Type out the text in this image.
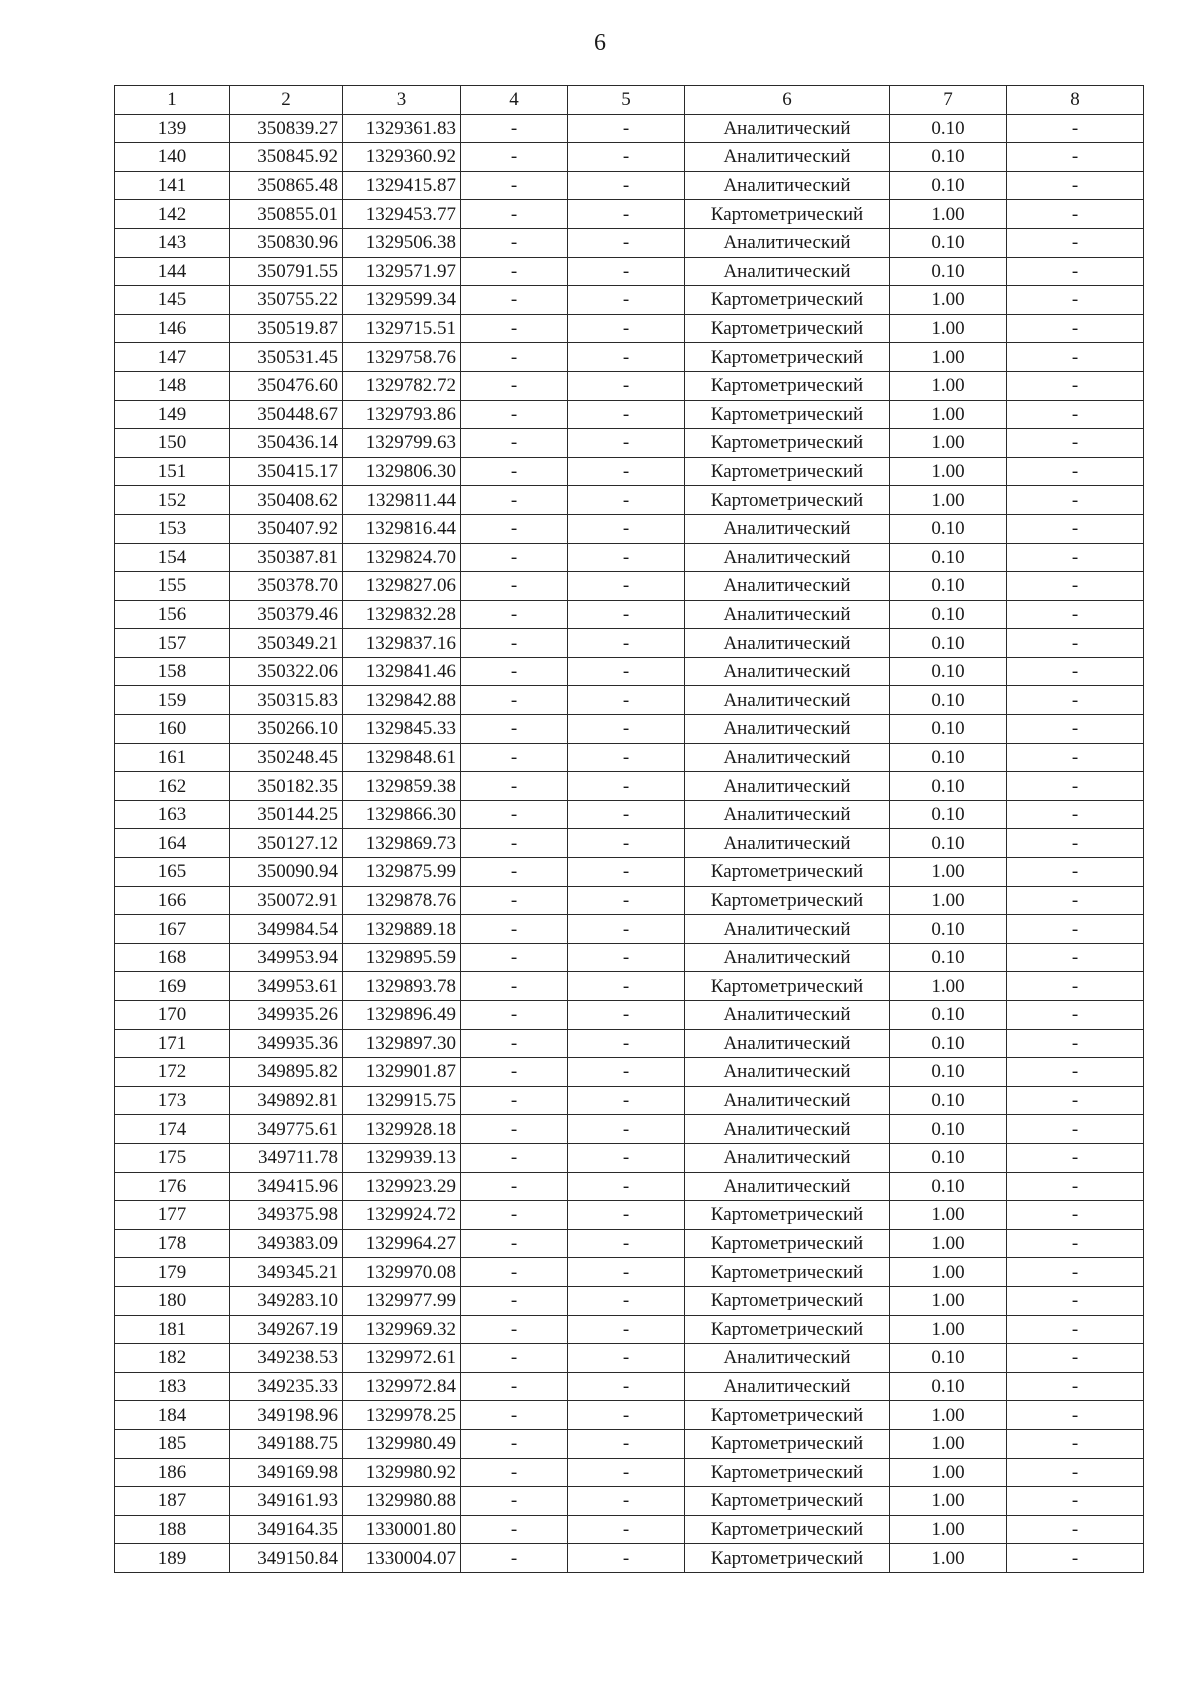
6
1	2	3	4	5	6	7	8
139	350839.27	1329361.83	-	-	Аналитический	0.10	-
140	350845.92	1329360.92	-	-	Аналитический	0.10	-
141	350865.48	1329415.87	-	-	Аналитический	0.10	-
142	350855.01	1329453.77	-	-	Картометрический	1.00	-
143	350830.96	1329506.38	-	-	Аналитический	0.10	-
144	350791.55	1329571.97	-	-	Аналитический	0.10	-
145	350755.22	1329599.34	-	-	Картометрический	1.00	-
146	350519.87	1329715.51	-	-	Картометрический	1.00	-
147	350531.45	1329758.76	-	-	Картометрический	1.00	-
148	350476.60	1329782.72	-	-	Картометрический	1.00	-
149	350448.67	1329793.86	-	-	Картометрический	1.00	-
150	350436.14	1329799.63	-	-	Картометрический	1.00	-
151	350415.17	1329806.30	-	-	Картометрический	1.00	-
152	350408.62	1329811.44	-	-	Картометрический	1.00	-
153	350407.92	1329816.44	-	-	Аналитический	0.10	-
154	350387.81	1329824.70	-	-	Аналитический	0.10	-
155	350378.70	1329827.06	-	-	Аналитический	0.10	-
156	350379.46	1329832.28	-	-	Аналитический	0.10	-
157	350349.21	1329837.16	-	-	Аналитический	0.10	-
158	350322.06	1329841.46	-	-	Аналитический	0.10	-
159	350315.83	1329842.88	-	-	Аналитический	0.10	-
160	350266.10	1329845.33	-	-	Аналитический	0.10	-
161	350248.45	1329848.61	-	-	Аналитический	0.10	-
162	350182.35	1329859.38	-	-	Аналитический	0.10	-
163	350144.25	1329866.30	-	-	Аналитический	0.10	-
164	350127.12	1329869.73	-	-	Аналитический	0.10	-
165	350090.94	1329875.99	-	-	Картометрический	1.00	-
166	350072.91	1329878.76	-	-	Картометрический	1.00	-
167	349984.54	1329889.18	-	-	Аналитический	0.10	-
168	349953.94	1329895.59	-	-	Аналитический	0.10	-
169	349953.61	1329893.78	-	-	Картометрический	1.00	-
170	349935.26	1329896.49	-	-	Аналитический	0.10	-
171	349935.36	1329897.30	-	-	Аналитический	0.10	-
172	349895.82	1329901.87	-	-	Аналитический	0.10	-
173	349892.81	1329915.75	-	-	Аналитический	0.10	-
174	349775.61	1329928.18	-	-	Аналитический	0.10	-
175	349711.78	1329939.13	-	-	Аналитический	0.10	-
176	349415.96	1329923.29	-	-	Аналитический	0.10	-
177	349375.98	1329924.72	-	-	Картометрический	1.00	-
178	349383.09	1329964.27	-	-	Картометрический	1.00	-
179	349345.21	1329970.08	-	-	Картометрический	1.00	-
180	349283.10	1329977.99	-	-	Картометрический	1.00	-
181	349267.19	1329969.32	-	-	Картометрический	1.00	-
182	349238.53	1329972.61	-	-	Аналитический	0.10	-
183	349235.33	1329972.84	-	-	Аналитический	0.10	-
184	349198.96	1329978.25	-	-	Картометрический	1.00	-
185	349188.75	1329980.49	-	-	Картометрический	1.00	-
186	349169.98	1329980.92	-	-	Картометрический	1.00	-
187	349161.93	1329980.88	-	-	Картометрический	1.00	-
188	349164.35	1330001.80	-	-	Картометрический	1.00	-
189	349150.84	1330004.07	-	-	Картометрический	1.00	-
